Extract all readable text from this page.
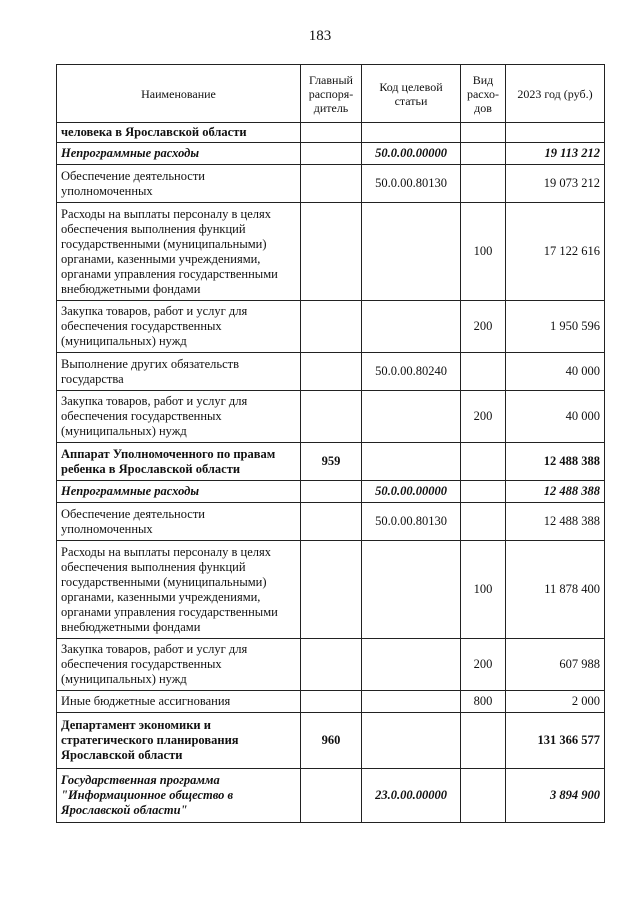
183
Наименование	Главный распоря-дитель	Код целевой статьи	Вид расхо-дов	2023 год (руб.)
человека в Ярославской области				
Непрограммные расходы		50.0.00.00000		19 113 212
Обеспечение деятельности уполномоченных		50.0.00.80130		19 073 212
Расходы на выплаты персоналу в целях обеспечения выполнения функций государственными (муниципальными) органами, казенными учреждениями, органами управления государственными внебюджетными фондами			100	17 122 616
Закупка товаров, работ и услуг для обеспечения государственных (муниципальных) нужд			200	1 950 596
Выполнение других обязательств государства		50.0.00.80240		40 000
Закупка товаров, работ и услуг для обеспечения государственных (муниципальных) нужд			200	40 000
Аппарат Уполномоченного по правам ребенка в Ярославской области	959			12 488 388
Непрограммные расходы		50.0.00.00000		12 488 388
Обеспечение деятельности уполномоченных		50.0.00.80130		12 488 388
Расходы на выплаты персоналу в целях обеспечения выполнения функций государственными (муниципальными) органами, казенными учреждениями, органами управления государственными внебюджетными фондами			100	11 878 400
Закупка товаров, работ и услуг для обеспечения государственных (муниципальных) нужд			200	607 988
Иные бюджетные ассигнования			800	2 000
Департамент экономики и стратегического планирования Ярославской области	960			131 366 577
Государственная программа "Информационное общество в Ярославской области"		23.0.00.00000		3 894 900
